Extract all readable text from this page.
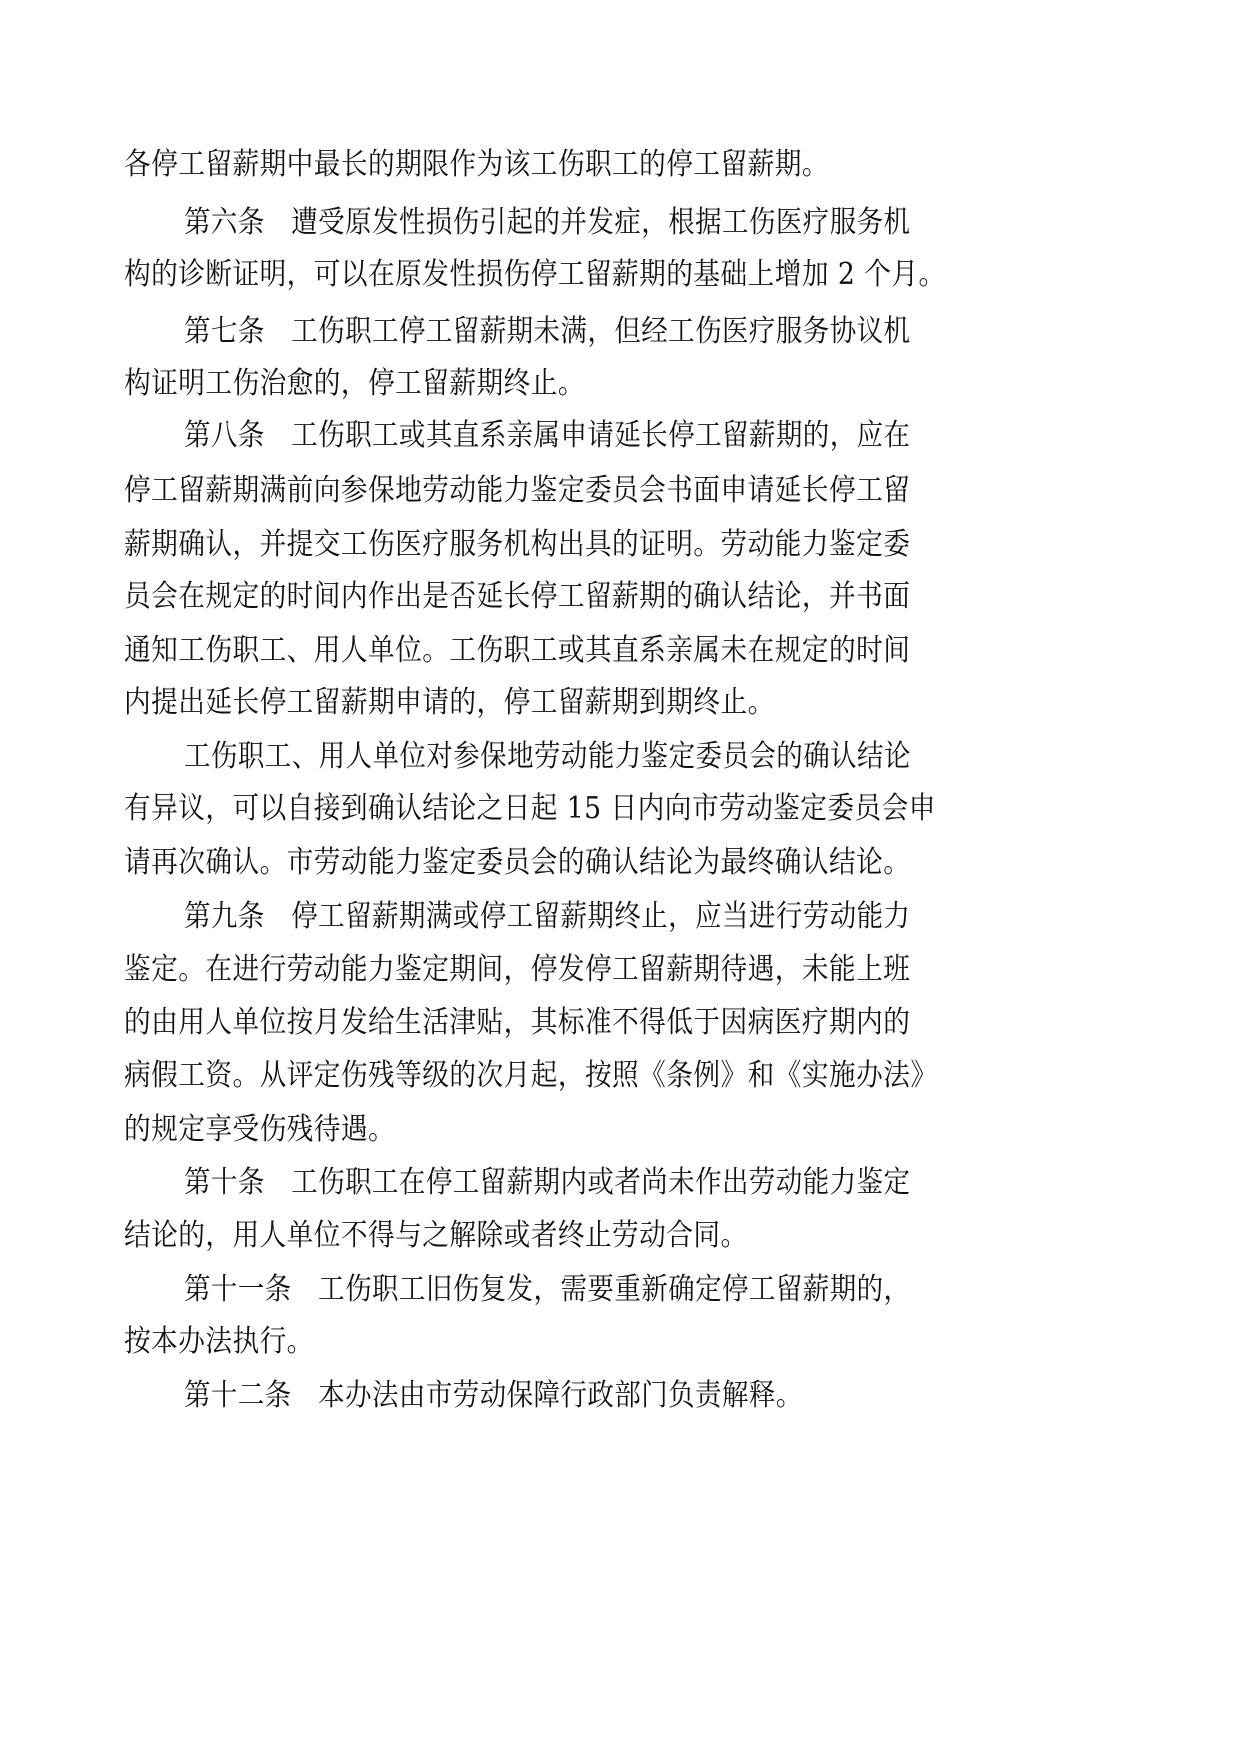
各停工留薪期中最长的期限作为该工伤职工的停工留薪期。
第六条 遭受原发性损伤引起的并发症，根据工伤医疗服务机
构的诊断证明，可以在原发性损伤停工留薪期的基础上增加 2 个月。
第七条 工伤职工停工留薪期未满，但经工伤医疗服务协议机
构证明工伤治愈的，停工留薪期终止。
第八条 工伤职工或其直系亲属申请延长停工留薪期的，应在
停工留薪期满前向参保地劳动能力鉴定委员会书面申请延长停工留
薪期确认，并提交工伤医疗服务机构出具的证明。劳动能力鉴定委
员会在规定的时间内作出是否延长停工留薪期的确认结论，并书面
通知工伤职工、用人单位。工伤职工或其直系亲属未在规定的时间
内提出延长停工留薪期申请的，停工留薪期到期终止。
工伤职工、用人单位对参保地劳动能力鉴定委员会的确认结论
有异议，可以自接到确认结论之日起 15 日内向市劳动鉴定委员会申
请再次确认。市劳动能力鉴定委员会的确认结论为最终确认结论。
第九条 停工留薪期满或停工留薪期终止，应当进行劳动能力
鉴定。在进行劳动能力鉴定期间，停发停工留薪期待遇，未能上班
的由用人单位按月发给生活津贴，其标准不得低于因病医疗期内的
病假工资。从评定伤残等级的次月起，按照《条例》和《实施办法》
的规定享受伤残待遇。
第十条 工伤职工在停工留薪期内或者尚未作出劳动能力鉴定
结论的，用人单位不得与之解除或者终止劳动合同。
第十一条 工伤职工旧伤复发，需要重新确定停工留薪期的，
按本办法执行。
第十二条 本办法由市劳动保障行政部门负责解释。
